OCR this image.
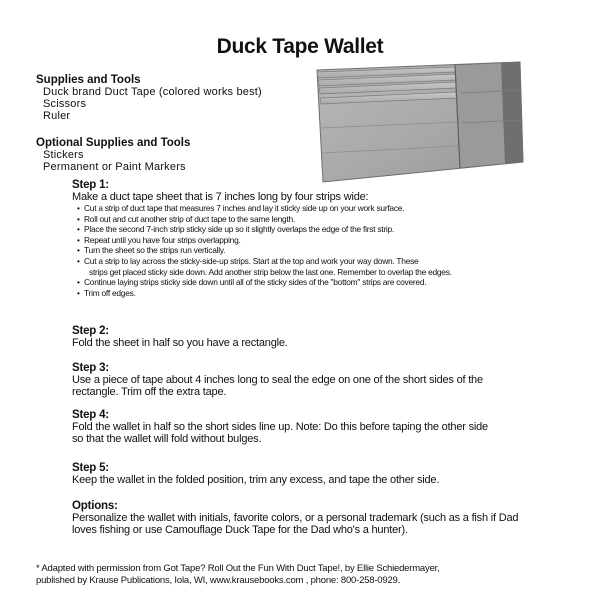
Duck Tape Wallet
Supplies and Tools
Duck brand Duct Tape (colored works best)
Scissors
Ruler
Optional Supplies and Tools
Stickers
Permanent or Paint Markers
Step 1:
Make a duct tape sheet that is 7 inches long by four strips wide:
• Cut a strip of duct tape that measures 7 inches and lay it sticky side up on your work surface.
• Roll out and cut another strip of duct tape to the same length.
• Place the second 7-inch strip sticky side up so it slightly overlaps the edge of the first strip.
• Repeat until you have four strips overlapping.
• Turn the sheet so the strips run vertically.
• Cut a strip to lay across the sticky-side-up strips. Start at the top and work your way down. These
strips get placed sticky side down. Add another strip below the last one. Remember to overlap the edges.
• Continue laying strips sticky side down until all of the sticky sides of the "bottom" strips are covered.
• Trim off edges.
Step 2:
Fold the sheet in half so you have a rectangle.
Step 3:
Use a piece of tape about 4 inches long to seal the edge on one of the short sides of the
rectangle. Trim off the extra tape.
Step 4:
Fold the wallet in half so the short sides line up. Note: Do this before taping the other side
so that the wallet will fold without bulges.
Step 5:
Keep the wallet in the folded position, trim any excess, and tape the other side.
Options:
Personalize the wallet with initials, favorite colors, or a personal trademark (such as a fish if Dad
loves fishing or use Camouflage Duck Tape for the Dad who's a hunter).
* Adapted with permission from Got Tape? Roll Out the Fun With Duct Tape!, by Ellie Schiedermayer,
published by Krause Publications, Iola, WI, www.krausebooks.com , phone: 800-258-0929.
